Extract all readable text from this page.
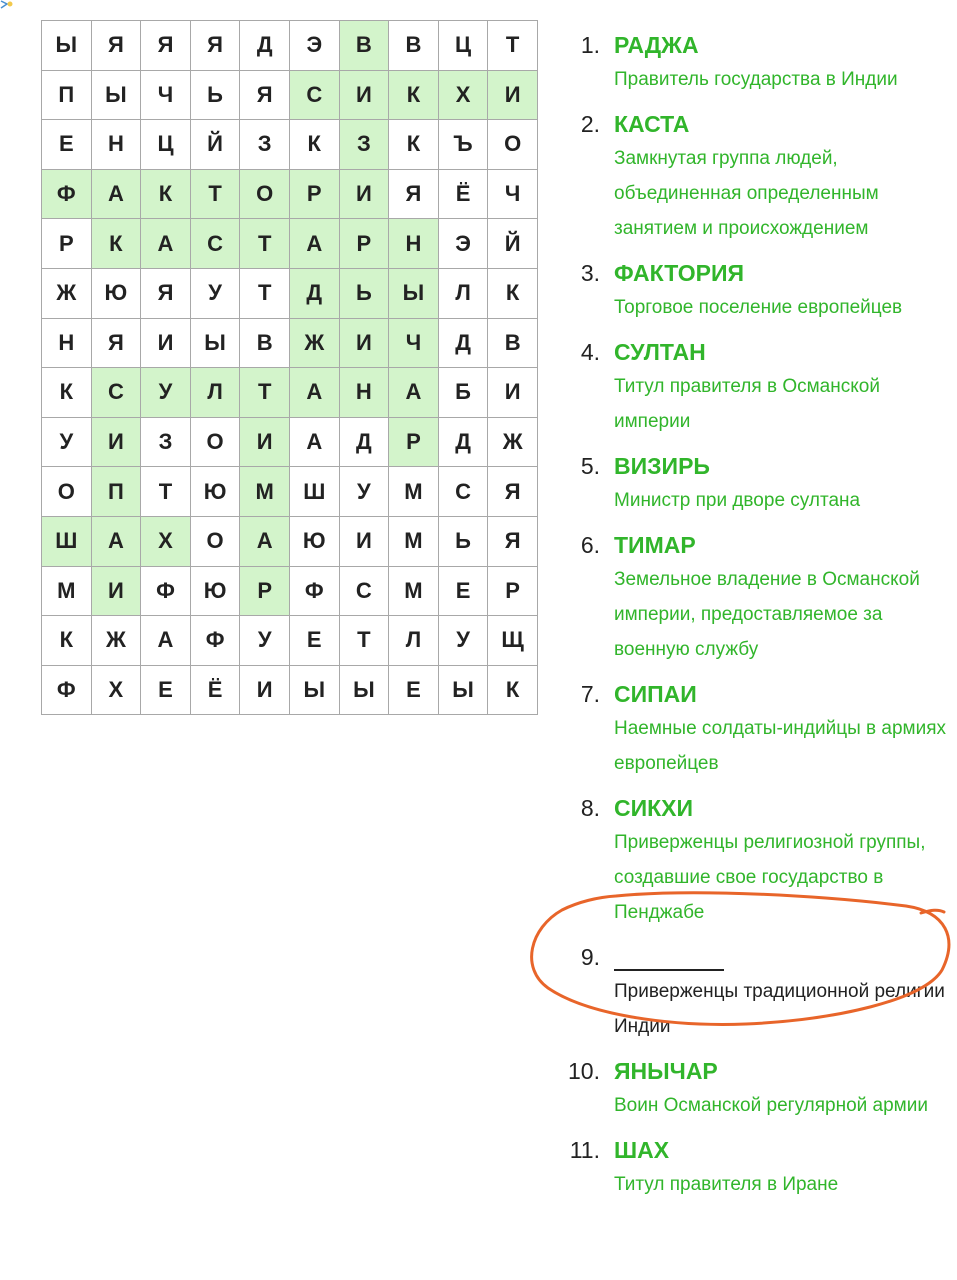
Ы	Я	Я	Я	Д	Э	В	В	Ц	Т
П	Ы	Ч	Ь	Я	С	И	К	Х	И
Е	Н	Ц	Й	З	К	З	К	Ъ	О
Ф	А	К	Т	О	Р	И	Я	Ё	Ч
Р	К	А	С	Т	А	Р	Н	Э	Й
Ж	Ю	Я	У	Т	Д	Ь	Ы	Л	К
Н	Я	И	Ы	В	Ж	И	Ч	Д	В
К	С	У	Л	Т	А	Н	А	Б	И
У	И	З	О	И	А	Д	Р	Д	Ж
О	П	Т	Ю	М	Ш	У	М	С	Я
Ш	А	Х	О	А	Ю	И	М	Ь	Я
М	И	Ф	Ю	Р	Ф	С	М	Е	Р
К	Ж	А	Ф	У	Е	Т	Л	У	Щ
Ф	Х	Е	Ё	И	Ы	Ы	Е	Ы	К
1. РАДЖА
Правитель государства в Индии
2. КАСТА
Замкнутая группа людей, объединенная определенным занятием и происхождением
3. ФАКТОРИЯ
Торговое поселение европейцев
4. СУЛТАН
Титул правителя в Османской империи
5. ВИЗИРЬ
Министр при дворе султана
6. ТИМАР
Земельное владение в Османской империи, предоставляемое за военную службу
7. СИПАИ
Наемные солдаты-индийцы в армиях европейцев
8. СИКХИ
Приверженцы религиозной группы, создавшие свое государство в Пенджабе
9.
Приверженцы традиционной религии Индии
10. ЯНЫЧАР
Воин Османской регулярной армии
11. ШАХ
Титул правителя в Иране
